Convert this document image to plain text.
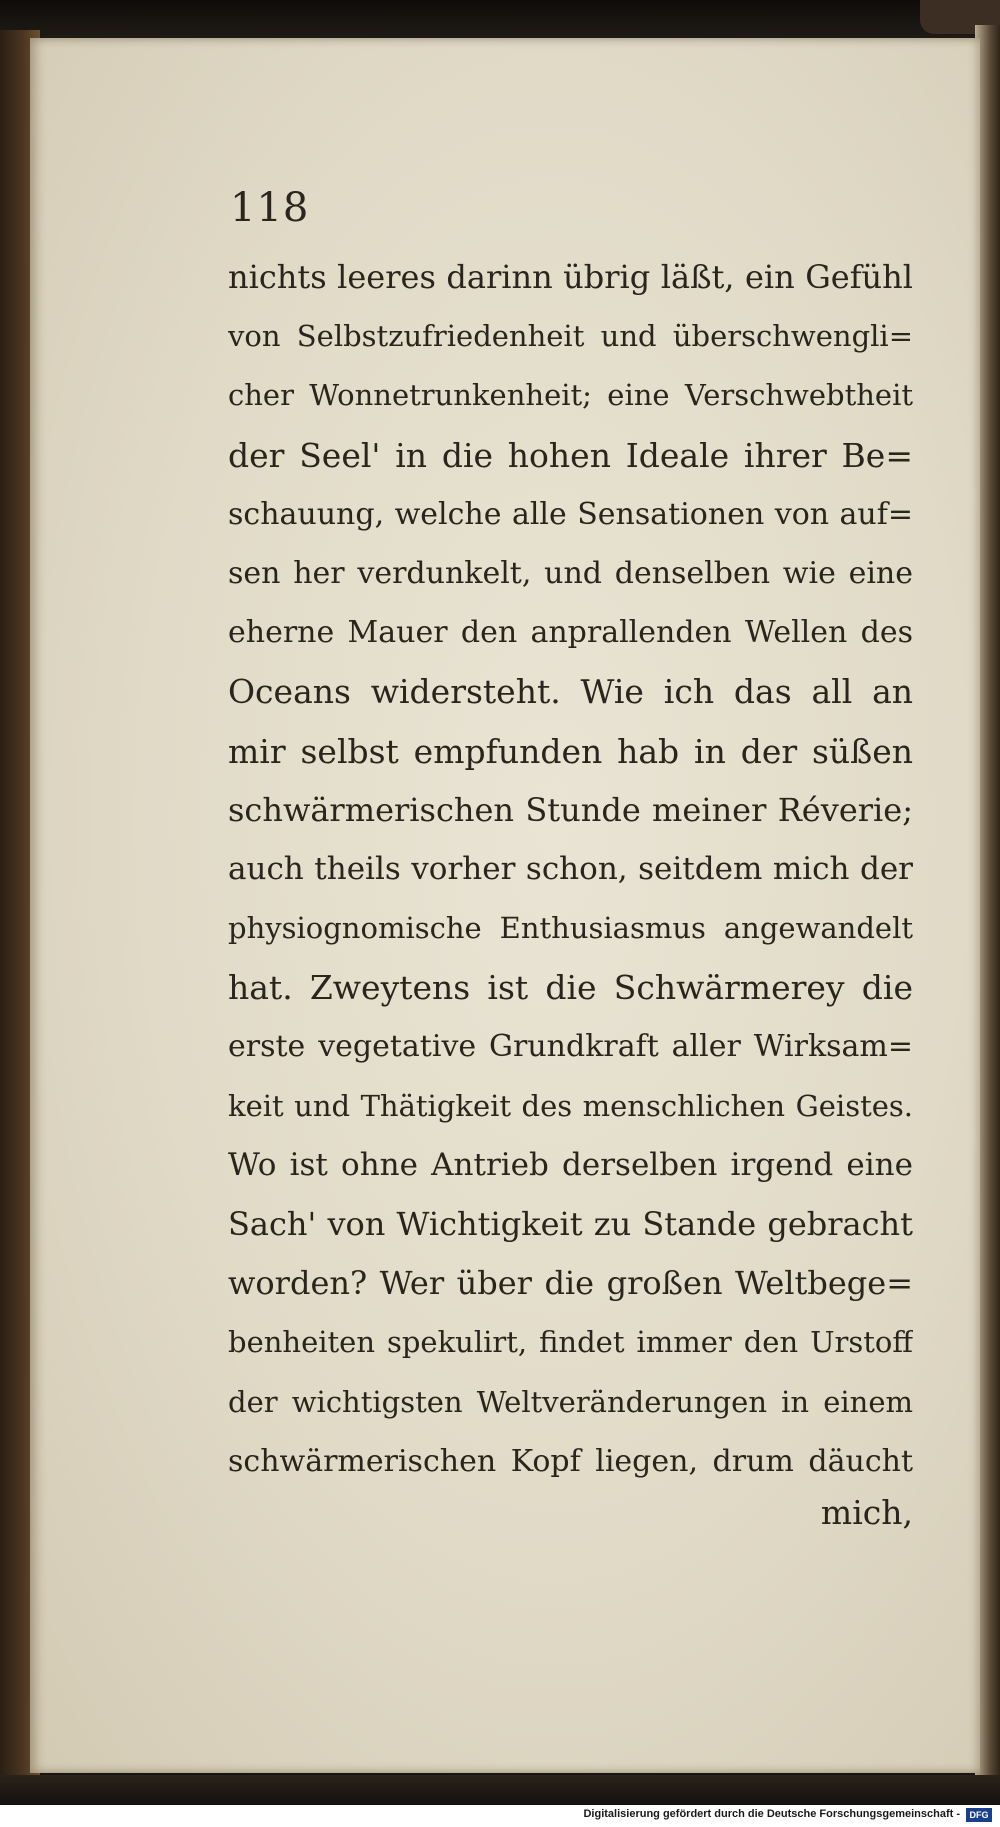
118
nichts leeres darinn übrig läßt, ein Gefühl
von Selbstzufriedenheit und überschwengli=
cher Wonnetrunkenheit; eine Verschwebtheit
der Seel' in die hohen Ideale ihrer Be=
schauung, welche alle Sensationen von auf=
sen her verdunkelt, und denselben wie eine
eherne Mauer den anprallenden Wellen des
Oceans widersteht. Wie ich das all an
mir selbst empfunden hab in der süßen
schwärmerischen Stunde meiner Réverie;
auch theils vorher schon, seitdem mich der
physiognomische Enthusiasmus angewandelt
hat. Zweytens ist die Schwärmerey die
erste vegetative Grundkraft aller Wirksam=
keit und Thätigkeit des menschlichen Geistes.
Wo ist ohne Antrieb derselben irgend eine
Sach' von Wichtigkeit zu Stande gebracht
worden? Wer über die großen Weltbege=
benheiten spekulirt, findet immer den Urstoff
der wichtigsten Weltveränderungen in einem
schwärmerischen Kopf liegen, drum däucht
mich,
Digitalisierung gefördert durch die Deutsche Forschungsgemeinschaft -	DFG
